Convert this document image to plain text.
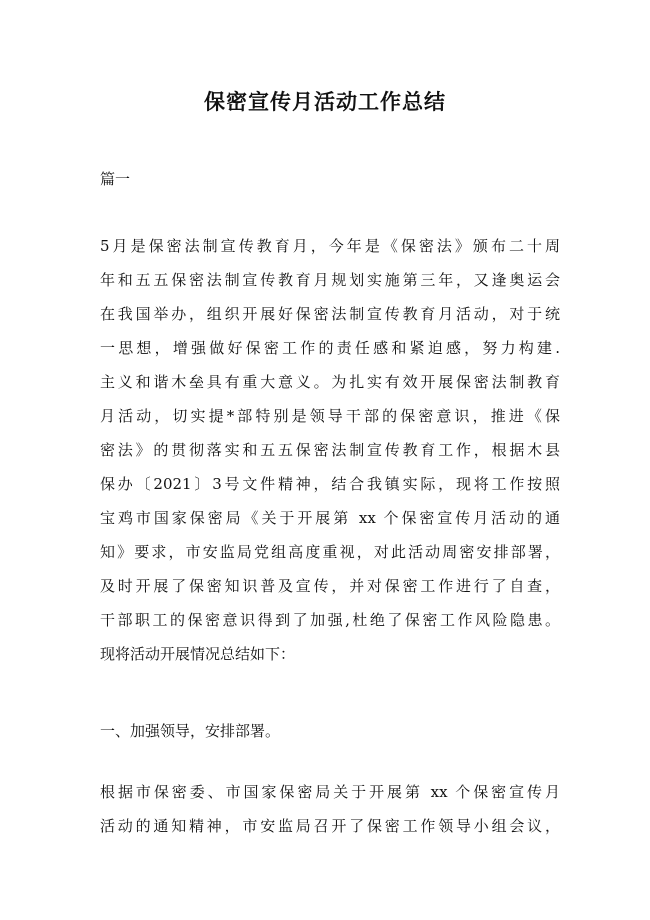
保密宣传月活动工作总结

篇一

5月是保密法制宣传教育月，今年是《保密法》颁布二十周
年和五五保密法制宣传教育月规划实施第三年，又逢奥运会
在我国举办，组织开展好保密法制宣传教育月活动，对于统
一思想，增强做好保密工作的责任感和紧迫感，努力构建.
主义和谐木垒具有重大意义。为扎实有效开展保密法制教育
月活动，切实提*部特别是领导干部的保密意识，推进《保
密法》的贯彻落实和五五保密法制宣传教育工作，根据木县
保办〔2021〕3号文件精神，结合我镇实际，现将工作按照
宝鸡市国家保密局《关于开展第 xx 个保密宣传月活动的通
知》要求，市安监局党组高度重视，对此活动周密安排部署，
及时开展了保密知识普及宣传，并对保密工作进行了自查，
干部职工的保密意识得到了加强,杜绝了保密工作风险隐患。
现将活动开展情况总结如下：
一、加强领导，安排部署。
根据市保密委、市国家保密局关于开展第 xx 个保密宣传月
活动的通知精神，市安监局召开了保密工作领导小组会议，
